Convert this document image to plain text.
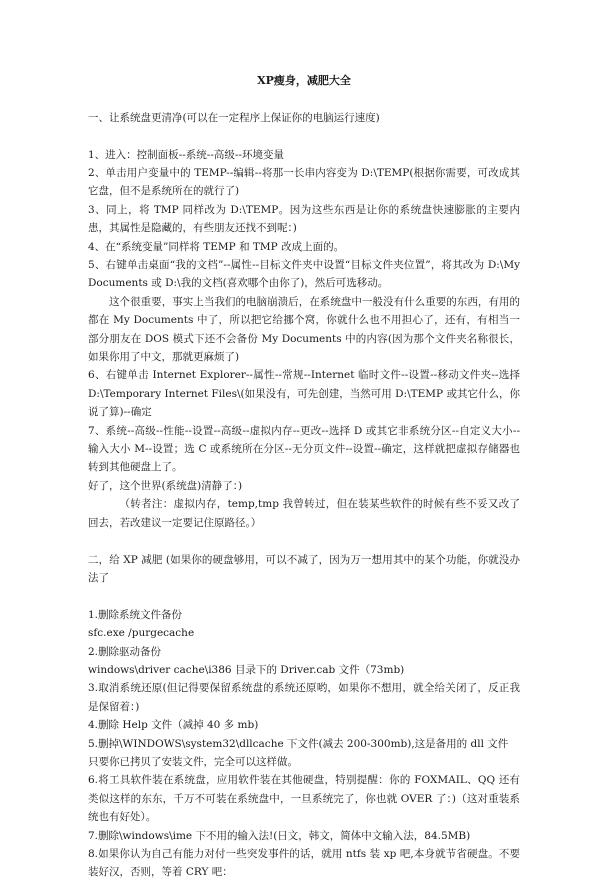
XP瘦身，减肥大全

一、让系统盘更清净(可以在一定程序上保证你的电脑运行速度)

1、进入：控制面板--系统--高级--环境变量

2、单击用户变量中的 TEMP--编辑--将那一长串内容变为 D:\TEMP(根据你需要，可改成其它盘，但不是系统所在的就行了)

3、同上，将 TMP 同样改为 D:\TEMP。因为这些东西是让你的系统盘快速膨胀的主要内患，其属性是隐藏的，有些朋友还找不到呢：)

4、在“系统变量”同样将 TEMP 和 TMP 改成上面的。

5、右键单击桌面“我的文档”--属性--目标文件夹中设置“目标文件夹位置”，将其改为 D:\My Documents 或 D:\我的文档(喜欢哪个由你了)，然后可选移动。

这个很重要，事实上当我们的电脑崩溃后，在系统盘中一般没有什么重要的东西，有用的都在 My Documents 中了，所以把它给挪个窝，你就什么也不用担心了，还有，有相当一部分朋友在 DOS 模式下还不会备份 My Documents 中的内容(因为那个文件夹名称很长，如果你用了中文，那就更麻烦了)

6、右键单击 Internet Explorer--属性--常规--Internet 临时文件--设置--移动文件夹--选择 D:\Temporary Internet Files\(如果没有，可先创建，当然可用 D:\TEMP 或其它什么，你说了算)--确定

7、系统--高级--性能--设置--高级--虚拟内存--更改--选择 D 或其它非系统分区--自定义大小--输入大小 M--设置；选 C 或系统所在分区--无分页文件--设置--确定，这样就把虚拟存储器也转到其他硬盘上了。

好了，这个世界(系统盘)清静了：)

（转者注：虚拟内存，temp,tmp 我曾转过，但在装某些软件的时候有些不妥又改了回去，若改建议一定要记住原路径。）

二，给 XP 减肥 (如果你的硬盘够用，可以不减了，因为万一想用其中的某个功能，你就没办法了

1.删除系统文件备份

sfc.exe /purgecache

2.删除驱动备份

windows\driver cache\i386 目录下的 Driver.cab 文件（73mb)

3.取消系统还原(但记得要保留系统盘的系统还原哟，如果你不想用，就全给关闭了，反正我是保留着：)

4.删除 Help 文件（减掉 40 多 mb)

5.删掉\WINDOWS\system32\dllcache 下文件(减去 200-300mb),这是备用的 dll 文件

只要你已拷贝了安装文件，完全可以这样做。

6.将工具软件装在系统盘，应用软件装在其他硬盘，特别提醒：你的 FOXMAIL、QQ 还有类似这样的东东，千万不可装在系统盘中，一旦系统完了，你也就 OVER 了：)（这对重装系统也有好处）。

7.删除\windows\ime 下不用的输入法!(日文，韩文，简体中文输入法，84.5MB)

8.如果你认为自己有能力对付一些突发事件的话，就用 ntfs 装 xp 吧,本身就节省硬盘。不要装好汉，否则，等着 CRY 吧：
